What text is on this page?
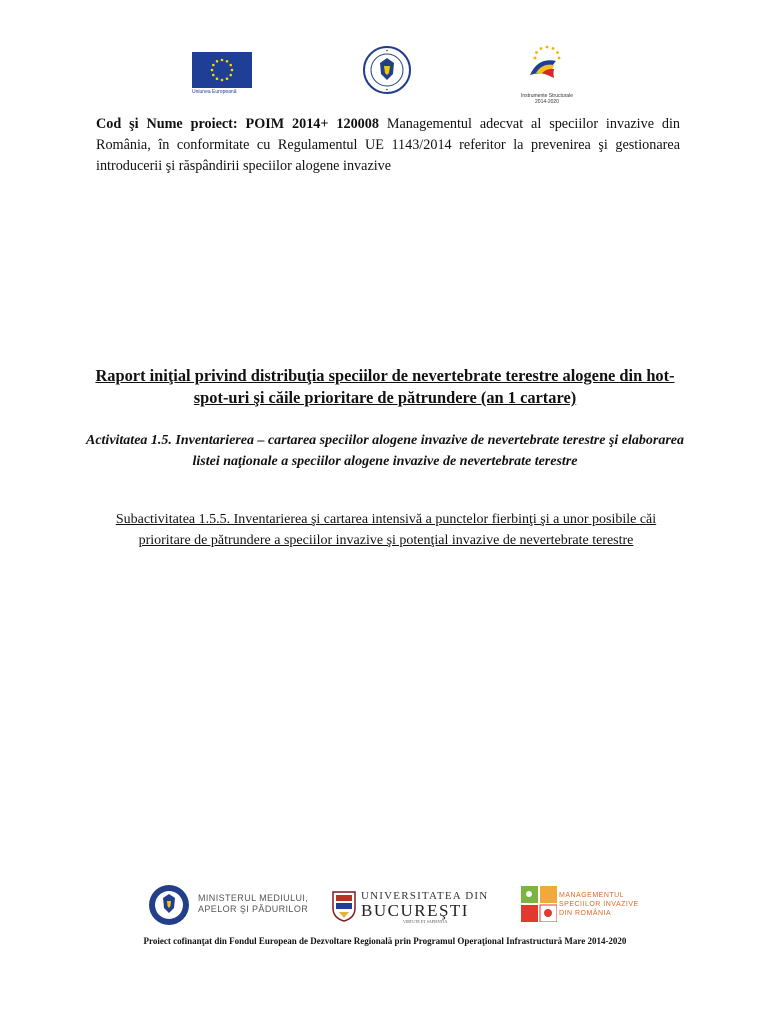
Uniunea Europeană
Instrumente Structurale
2014-2020
Cod şi Nume proiect: POIM 2014+ 120008 Managementul adecvat al speciilor invazive din România, în conformitate cu Regulamentul UE 1143/2014 referitor la prevenirea şi gestionarea introducerii şi răspândirii speciilor alogene invazive
Raport iniţial privind distribuţia speciilor de nevertebrate terestre alogene din hot-spot-uri şi căile prioritare de pătrundere (an 1 cartare)
Activitatea 1.5. Inventarierea – cartarea speciilor alogene invazive de nevertebrate terestre şi elaborarea listei naţionale a speciilor alogene invazive de nevertebrate terestre
Subactivitatea 1.5.5. Inventarierea şi cartarea intensivă a punctelor fierbinţi şi a unor posibile căi prioritare de pătrundere a speciilor invazive şi potenţial invazive de nevertebrate terestre
MINISTERUL MEDIULUI,
APELOR ŞI PĂDURILOR
UNIVERSITATEA DIN
BUCUREŞTI
VIRTUTE ET SAPIENTIA
MANAGEMENTUL
SPECIILOR INVAZIVE
DIN ROMÂNIA
Proiect cofinanţat din Fondul European de Dezvoltare Regională prin Programul Operaţional Infrastructură Mare 2014-2020
